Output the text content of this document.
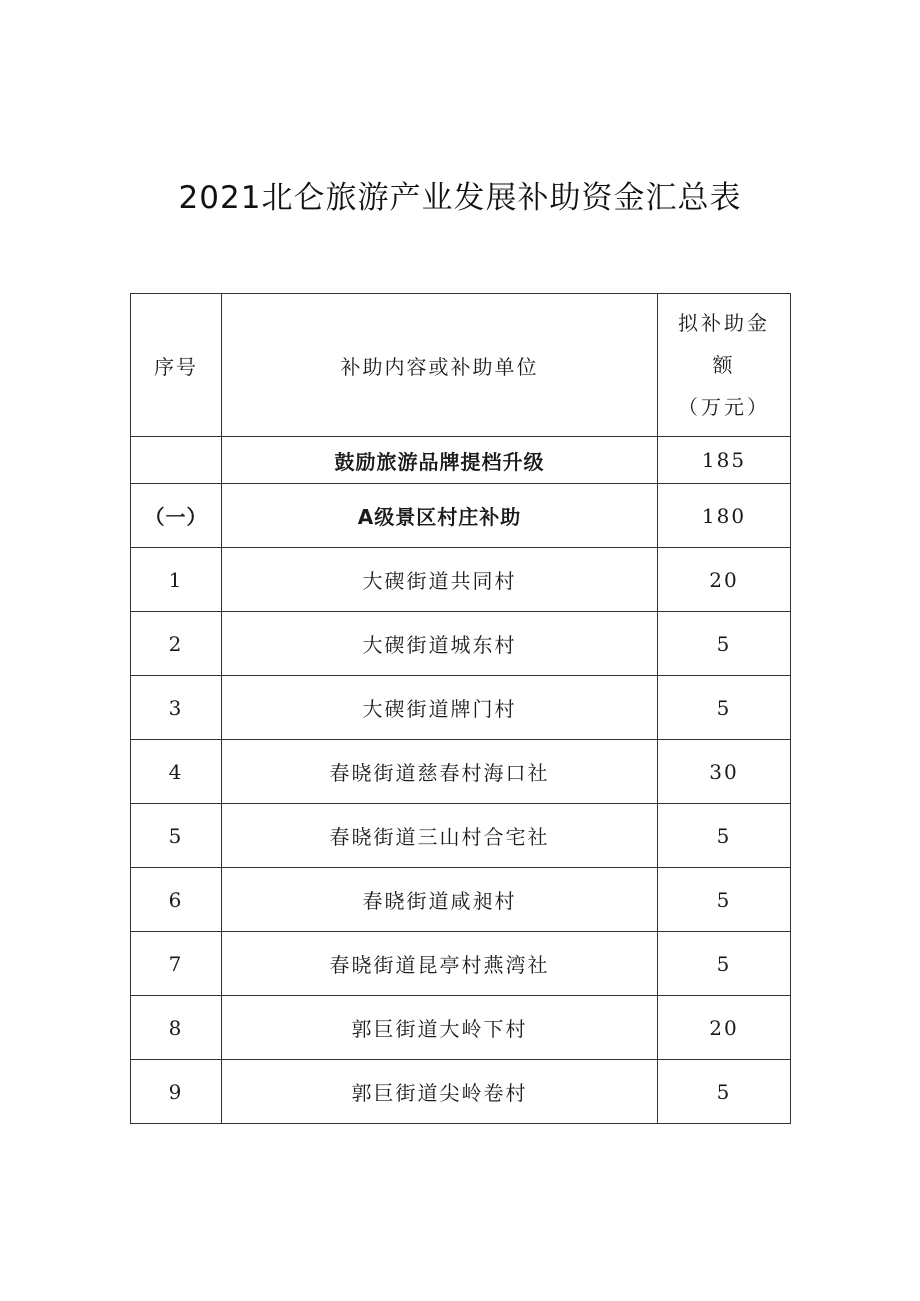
2021北仑旅游产业发展补助资金汇总表
序号	补助内容或补助单位	拟补助金额
（万元）

	鼓励旅游品牌提档升级	185
（一）	A级景区村庄补助	180
1	大碶街道共同村	20
2	大碶街道城东村	5
3	大碶街道牌门村	5
4	春晓街道慈春村海口社	30
5	春晓街道三山村合宅社	5
6	春晓街道咸昶村	5
7	春晓街道昆亭村燕湾社	5
8	郭巨街道大岭下村	20
9	郭巨街道尖岭卷村	5
